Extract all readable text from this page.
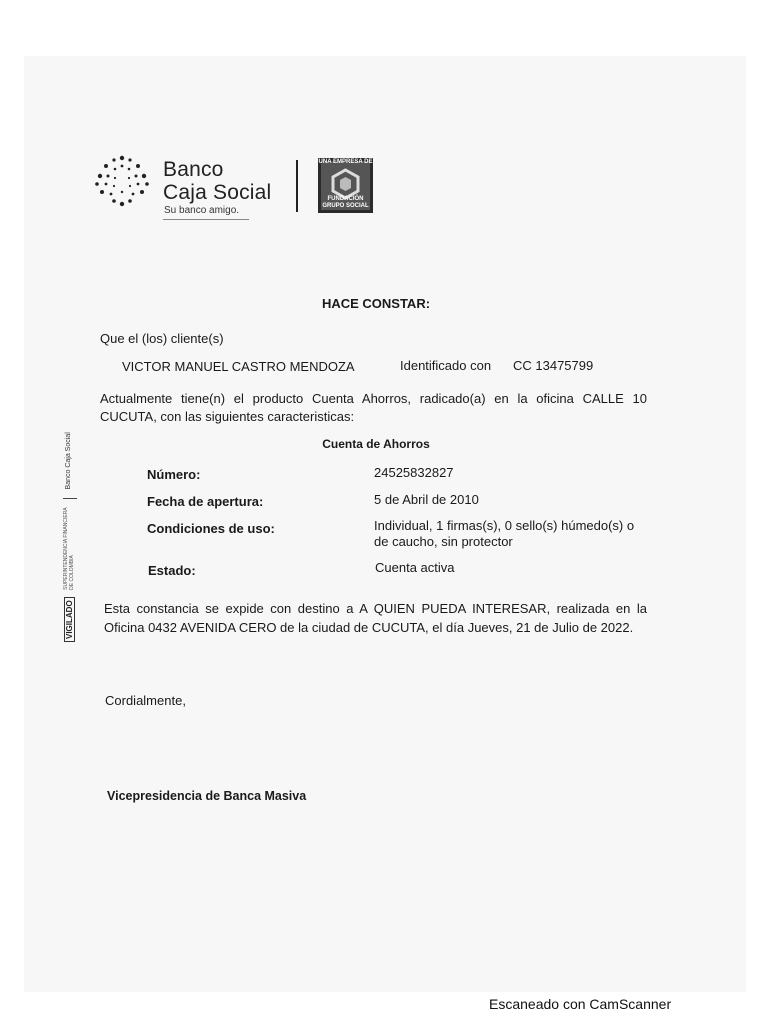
Banco
Caja Social
Su banco amigo.
UNA EMPRESA DE
FUNDACIÓN
GRUPO SOCIAL
VIGILADO SUPERINTENDENCIA FINANCIERA
DE COLOMBIA  Banco Caja Social
HACE CONSTAR:
Que el (los) cliente(s)
VICTOR MANUEL CASTRO MENDOZA	Identificado con CC 13475799
Actualmente tiene(n) el producto Cuenta Ahorros, radicado(a) en la oficina CALLE 10 CUCUTA, con las siguientes caracteristicas:
Cuenta de Ahorros
Número:	24525832827
Fecha de apertura:	5 de Abril de 2010
Condiciones de uso:	Individual, 1 firmas(s), 0 sello(s) húmedo(s) o
de caucho, sin protector
Estado:	Cuenta activa
Esta constancia se expide con destino a A QUIEN PUEDA INTERESAR, realizada en la Oficina 0432 AVENIDA CERO de la ciudad de CUCUTA, el día Jueves, 21 de Julio de 2022.
Cordialmente,
Vicepresidencia de Banca Masiva
Escaneado con CamScanner
